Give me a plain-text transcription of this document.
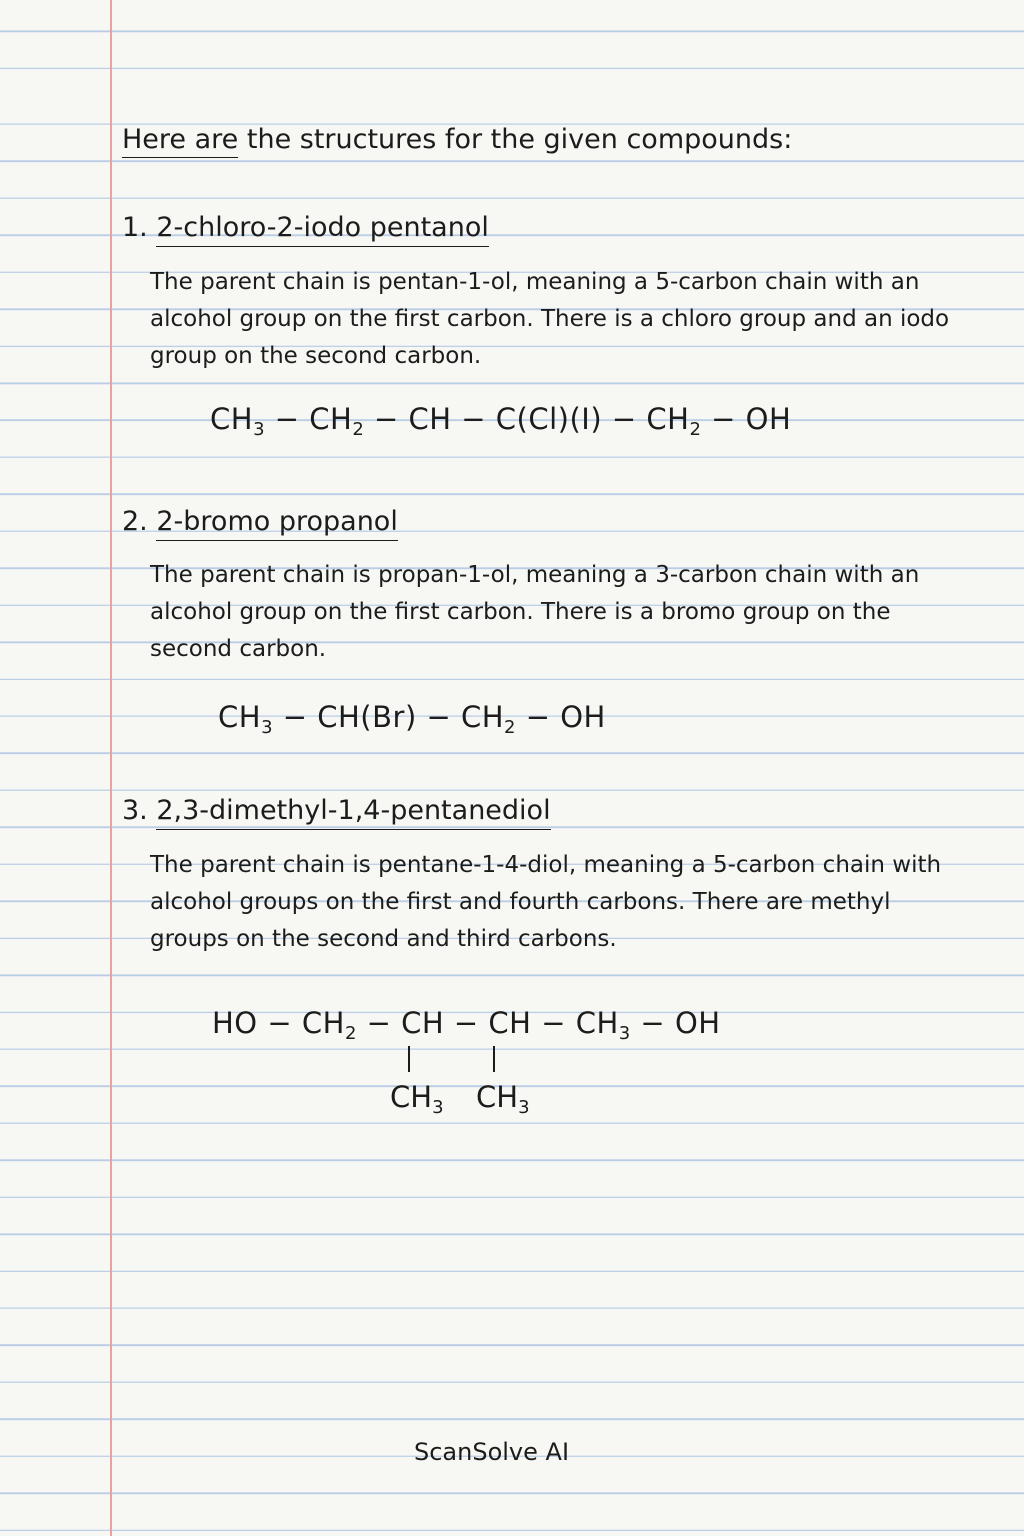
Here are the structures for the given compounds:
1. 2-chloro-2-iodo pentanol
The parent chain is pentan-1-ol, meaning a 5-carbon chain with an alcohol group on the first carbon. There is a chloro group and an iodo group on the second carbon.
$CH_3 - CH_2$ − CH − $C(Cl)(I) - CH_2$ − OH
2. 2-bromo propanol
The parent chain is propan-1-ol, meaning a 3-carbon chain with an alcohol group on the first carbon. There is a bromo group on the second carbon.
$CH_3 - CH(Br) - CH_2$ − OH
3. 2,3-dimethyl-1,4-pentanediol
The parent chain is pentane-1-4-diol, meaning a 5-carbon chain with alcohol groups on the first and fourth carbons. There are methyl groups on the second and third carbons.
HO − $CH_2$ − CH − CH − $CH_3$ − OH
$CH_3$ $CH_3$
ScanSolve AI
